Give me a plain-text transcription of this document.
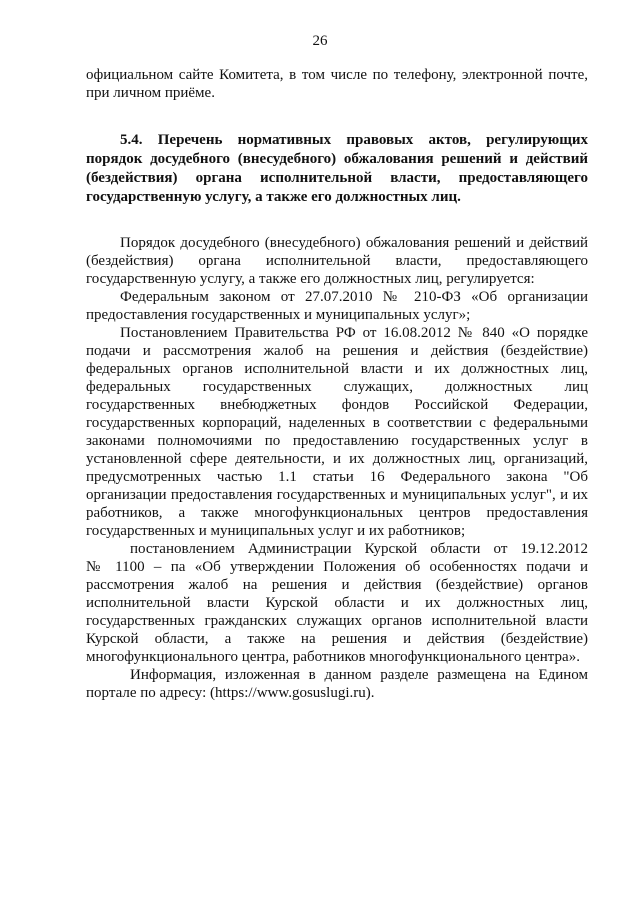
26
официальном сайте Комитета, в том числе по телефону, электронной почте,
при личном приёме.
5.4. Перечень нормативных правовых актов, регулирующих
порядок досудебного (внесудебного) обжалования решений и действий
(бездействия) органа исполнительной власти, предоставляющего
государственную услугу, а также его должностных лиц.
Порядок досудебного (внесудебного) обжалования решений и действий
(бездействия) органа исполнительной власти, предоставляющего
государственную услугу, а также его должностных лиц, регулируется:
Федеральным законом от 27.07.2010 № 210-ФЗ «Об организации
предоставления государственных и муниципальных услуг»;
Постановлением Правительства РФ от 16.08.2012 № 840 «О порядке
подачи и рассмотрения жалоб на решения и действия (бездействие)
федеральных органов исполнительной власти и их должностных лиц,
федеральных государственных служащих, должностных лиц
государственных внебюджетных фондов Российской Федерации,
государственных корпораций, наделенных в соответствии с федеральными
законами полномочиями по предоставлению государственных услуг в
установленной сфере деятельности, и их должностных лиц, организаций,
предусмотренных частью 1.1 статьи 16 Федерального закона "Об
организации предоставления государственных и муниципальных услуг", и их
работников, а также многофункциональных центров предоставления
государственных и муниципальных услуг и их работников;
постановлением Администрации Курской области от 19.12.2012
№ 1100 – па «Об утверждении Положения об особенностях подачи и
рассмотрения жалоб на решения и действия (бездействие) органов
исполнительной власти Курской области и их должностных лиц,
государственных гражданских служащих органов исполнительной власти
Курской области, а также на решения и действия (бездействие)
многофункционального центра, работников многофункционального центра».
Информация, изложенная в данном разделе размещена на Едином
портале по адресу: (https://www.gosuslugi.ru).
